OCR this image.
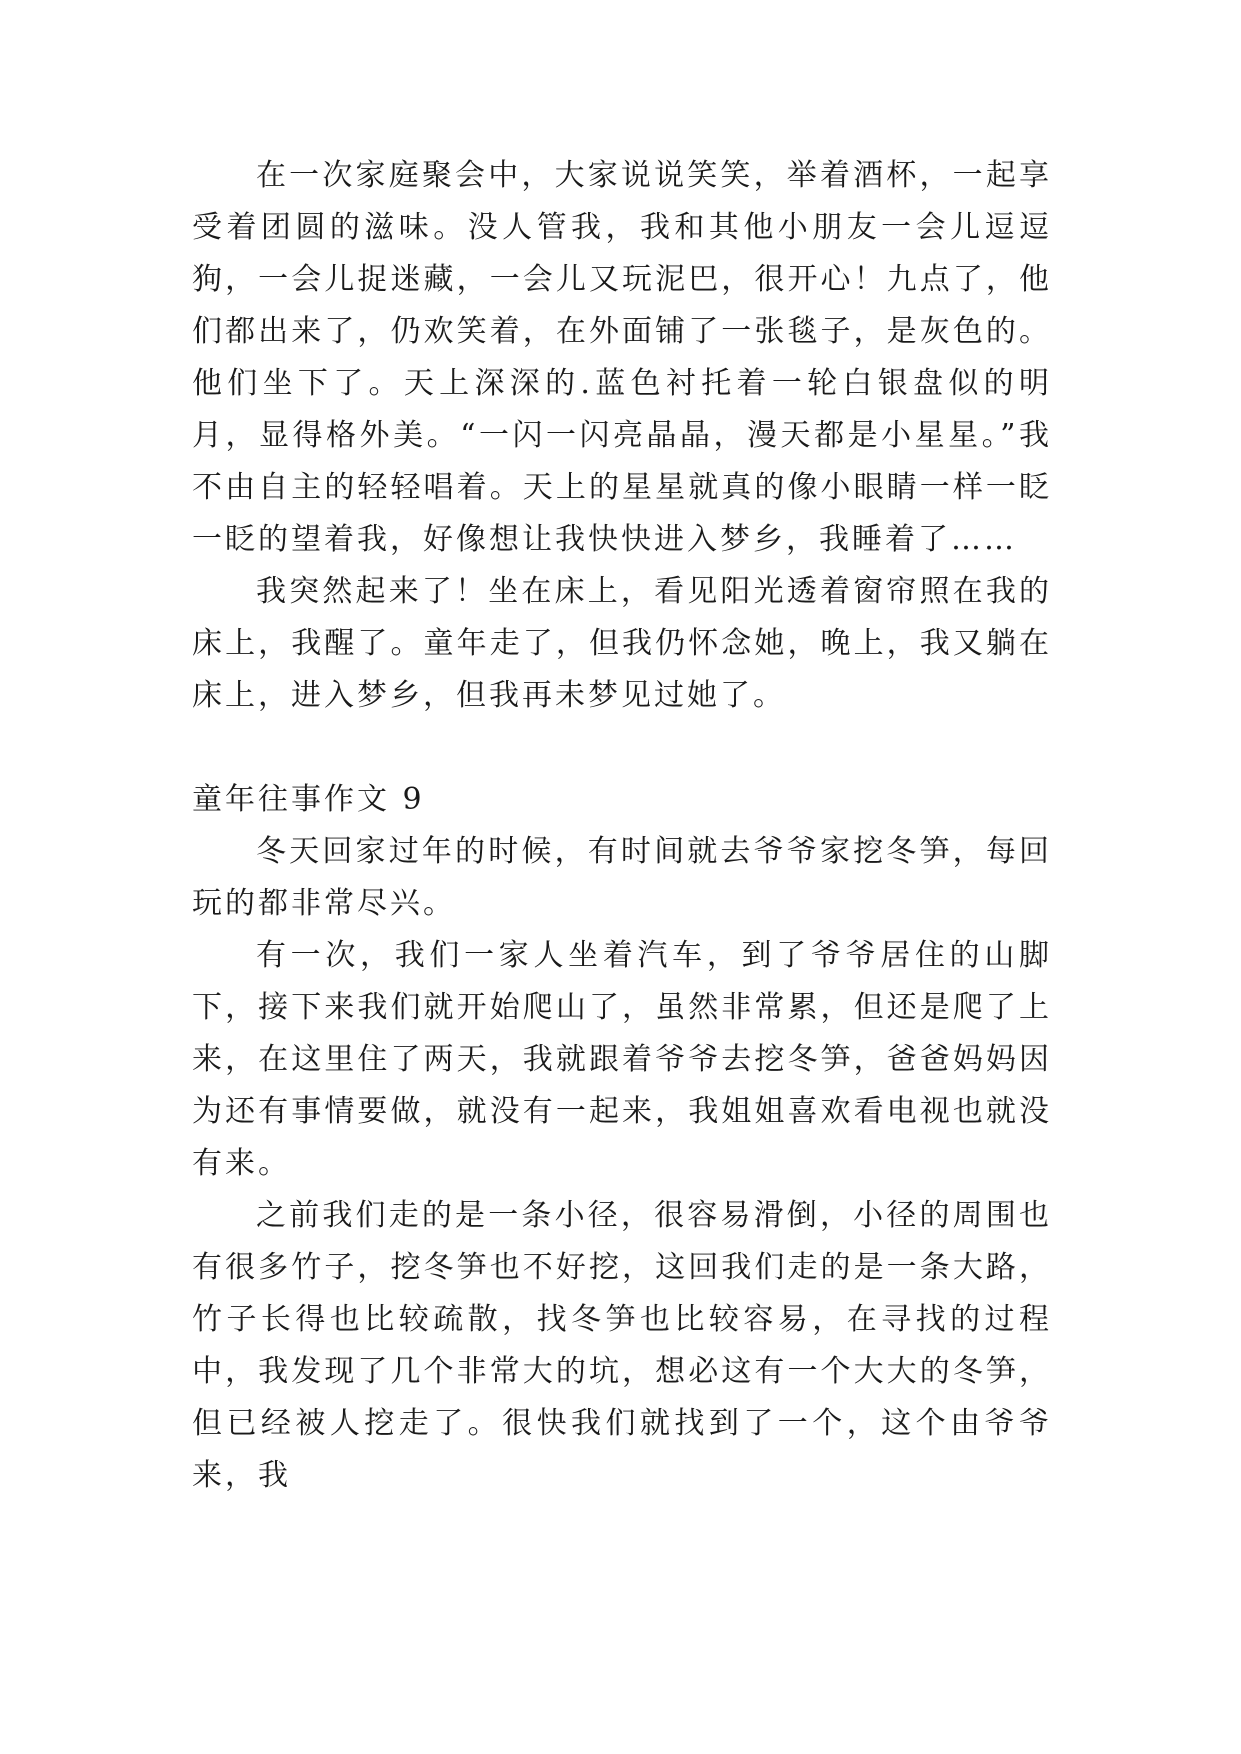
在一次家庭聚会中，大家说说笑笑，举着酒杯，一起享受着团圆的滋味。没人管我，我和其他小朋友一会儿逗逗狗，一会儿捉迷藏，一会儿又玩泥巴，很开心！九点了，他们都出来了，仍欢笑着，在外面铺了一张毯子，是灰色的。他们坐下了。天上深深的.蓝色衬托着一轮白银盘似的明月，显得格外美。“一闪一闪亮晶晶，漫天都是小星星。”我不由自主的轻轻唱着。天上的星星就真的像小眼睛一样一眨一眨的望着我，好像想让我快快进入梦乡，我睡着了……

我突然起来了！坐在床上，看见阳光透着窗帘照在我的床上，我醒了。童年走了，但我仍怀念她，晚上，我又躺在床上，进入梦乡，但我再未梦见过她了。

童年往事作文 9

冬天回家过年的时候，有时间就去爷爷家挖冬笋，每回玩的都非常尽兴。

有一次，我们一家人坐着汽车，到了爷爷居住的山脚下，接下来我们就开始爬山了，虽然非常累，但还是爬了上来，在这里住了两天，我就跟着爷爷去挖冬笋，爸爸妈妈因为还有事情要做，就没有一起来，我姐姐喜欢看电视也就没有来。

之前我们走的是一条小径，很容易滑倒，小径的周围也有很多竹子，挖冬笋也不好挖，这回我们走的是一条大路，竹子长得也比较疏散，找冬笋也比较容易，在寻找的过程中，我发现了几个非常大的坑，想必这有一个大大的冬笋，但已经被人挖走了。很快我们就找到了一个，这个由爷爷来，我
